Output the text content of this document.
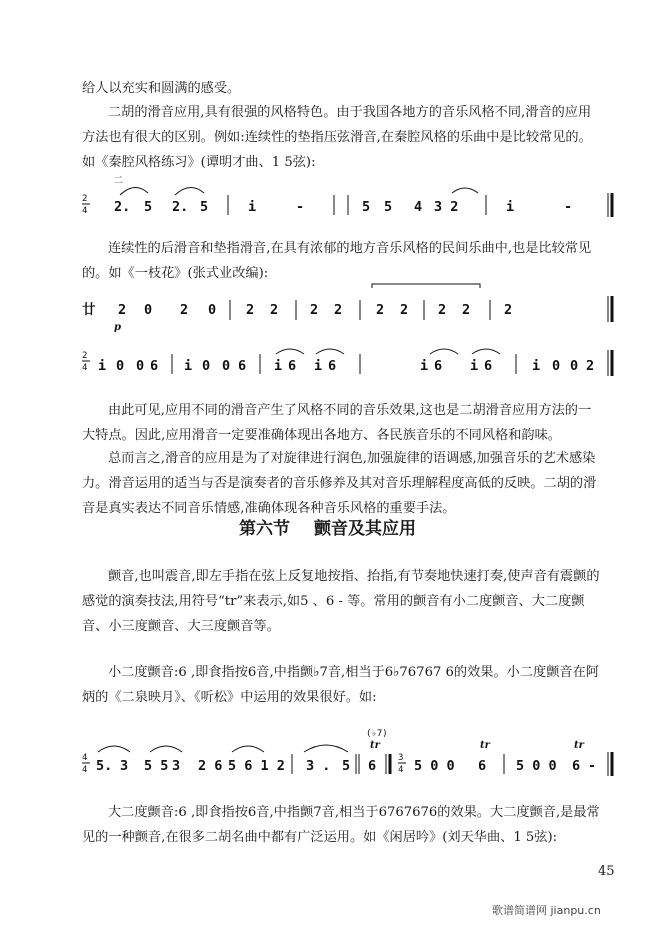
给人以充实和圆满的感受。

二胡的滑音应用,具有很强的风格特色。由于我国各地方的音乐风格不同,滑音的应用方法也有很大的区别。例如:连续性的垫指压弦滑音,在秦腔风格的乐曲中是比较常见的。如《秦腔风格练习》(谭明才曲、1 5弦):

2
4
二
2. 5 2. 5	i	-	5 5 4 3 2	i	-

连续性的后滑音和垫指滑音,在具有浓郁的地方音乐风格的民间乐曲中,也是比较常见的。如《一枝花》(张式业改编):

廿
p
2 0 2 0 2 2 2 2	2 2 2 2	2
2
4 i 0 0 6 i 0 0 6 i 6 i 6	i 6 i 6	i 0 0 2

由此可见,应用不同的滑音产生了风格不同的音乐效果,这也是二胡滑音应用方法的一大特点。因此,应用滑音一定要准确体现出各地方、各民族音乐的不同风格和韵味。

总而言之,滑音的应用是为了对旋律进行润色,加强旋律的语调感,加强音乐的艺术感染力。滑音运用的适当与否是演奏者的音乐修养及其对音乐理解程度高低的反映。二胡的滑音是真实表达不同音乐情感,准确体现各种音乐风格的重要手法。

第六节 颤音及其应用

颤音,也叫震音,即左手指在弦上反复地按指、抬指,有节奏地快速打奏,使声音有震颤的感觉的演奏技法,用符号“tr”来表示,如5 、6 - 等。常用的颤音有小二度颤音、大二度颤音、小三度颤音、大三度颤音等。

小二度颤音:6 ,即食指按6音,中指颤♭7音,相当于6♭76767 6的效果。小二度颤音在阿炳的《二泉映月》、《听松》中运用的效果很好。如:

4
4 5. 3 5 5 3 2 6 5 6 1 2 3 . 5
(♭7)
tr
6 3
4 5 0 0
tr
6 5 0 0
tr
6 -

大二度颤音:6 ,即食指按6音,中指颤7音,相当于6767676的效果。大二度颤音,是最常见的一种颤音,在很多二胡名曲中都有广泛运用。如《闲居吟》(刘天华曲、1 5弦):

45
歌谱简谱网 jianpu.cn
